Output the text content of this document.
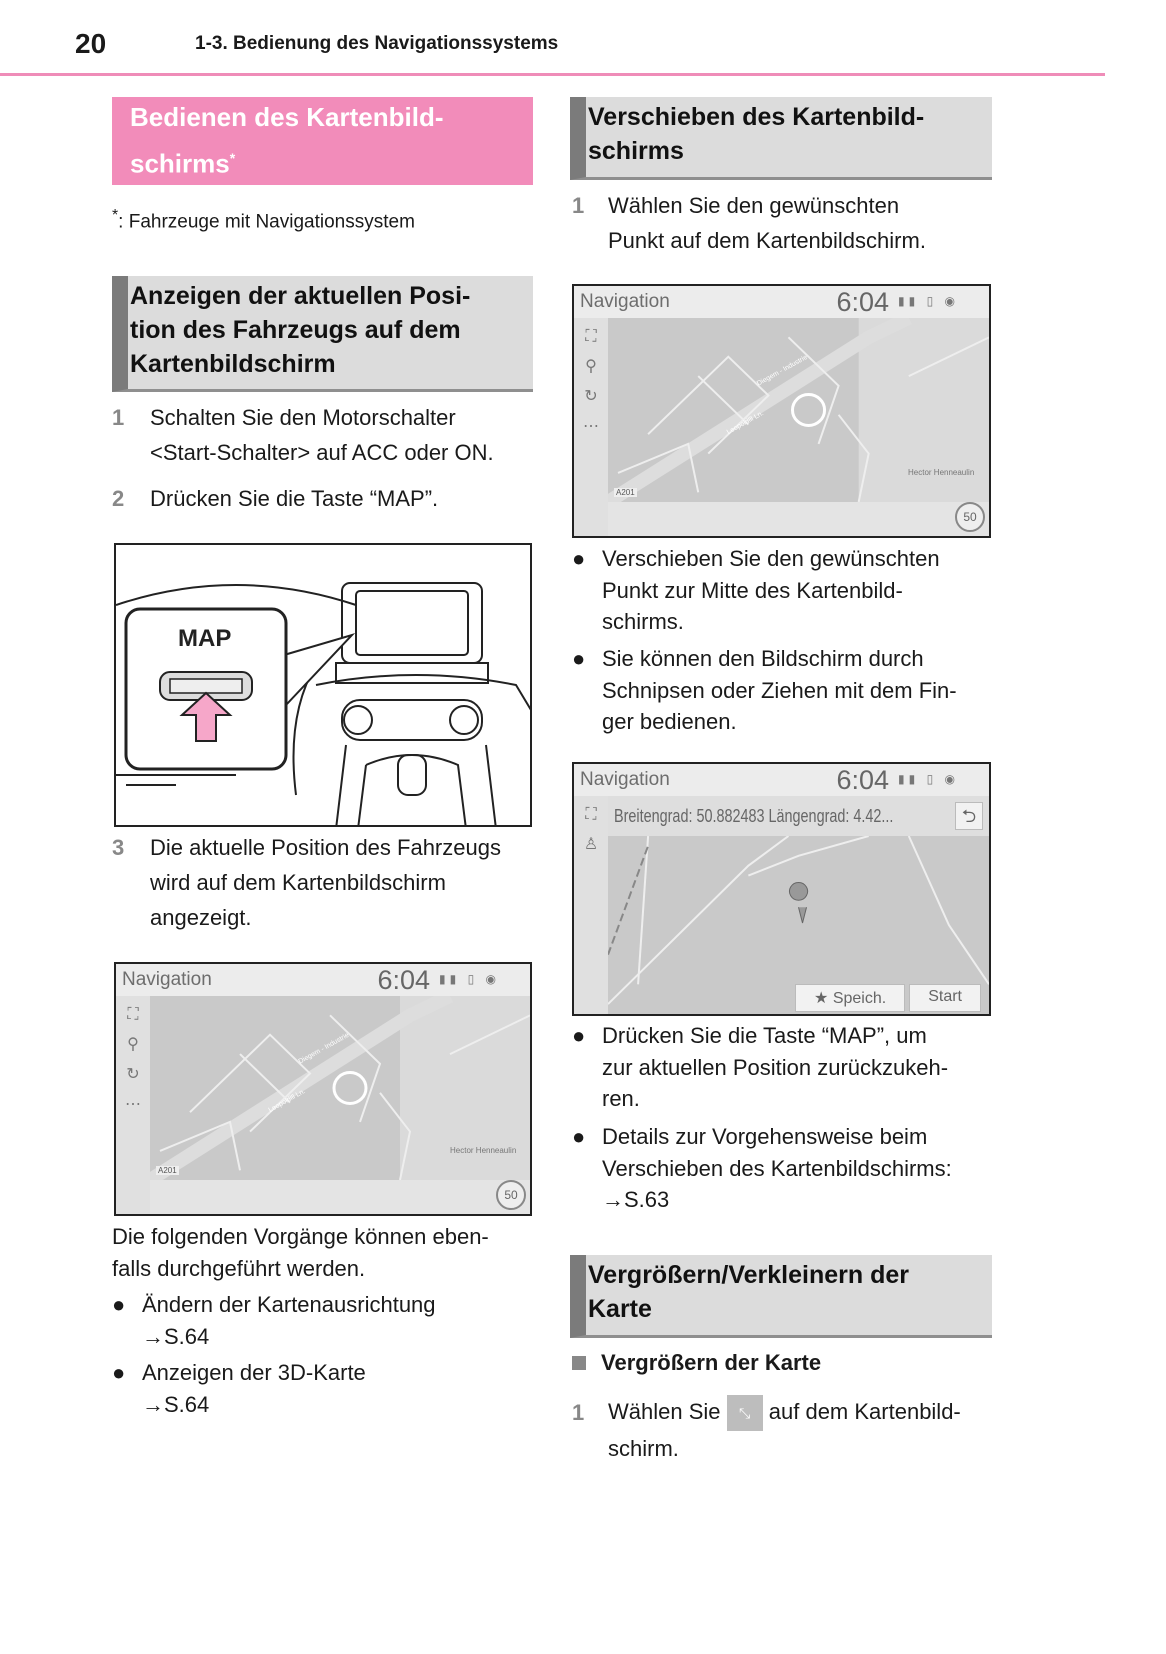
20	1-3. Bedienung des Navigationssystems
Bedienen des Kartenbild-
schirms*
*: Fahrzeuge mit Navigationssystem
Anzeigen der aktuellen Posi-
tion des Fahrzeugs auf dem
Kartenbildschirm
1 Schalten Sie den Motorschalter
<Start-Schalter> auf ACC oder ON.
2 Drücken Sie die Taste “MAP”.
MAP
3 Die aktuelle Position des Fahrzeugs
wird auf dem Kartenbildschirm
angezeigt.
Navigation	6:04 ▮▮ ▯ ◉
⛶
⚲
↻
⋯	Leopoldlll Ln.
Diegem - Industrie
Hector Henneaulin
A201
50
Die folgenden Vorgänge können eben-
falls durchgeführt werden.
● Ändern der Kartenausrichtung
→S.64
● Anzeigen der 3D-Karte
→S.64
Verschieben des Kartenbild-
schirms
1 Wählen Sie den gewünschten
Punkt auf dem Kartenbildschirm.
Navigation	6:04 ▮▮ ▯ ◉
⛶
⚲
↻
⋯	Leopoldlll Ln.
Diegem - Industrie
Hector Henneaulin
A201
50
● Verschieben Sie den gewünschten
Punkt zur Mitte des Kartenbild-
schirms.
● Sie können den Bildschirm durch
Schnipsen oder Ziehen mit dem Fin-
ger bedienen.
Navigation	6:04 ▮▮ ▯ ◉
⛶
♙
★ Speich.	Start
Breitengrad: 50.882483 Längengrad: 4.42...	⮌
● Drücken Sie die Taste “MAP”, um
zur aktuellen Position zurückzukeh-
ren.
● Details zur Vorgehensweise beim
Verschieben des Kartenbildschirms:
→S.63
Vergrößern/Verkleinern der
Karte
Vergrößern der Karte
1 Wählen Sie ⤡ auf dem Kartenbild-
schirm.
